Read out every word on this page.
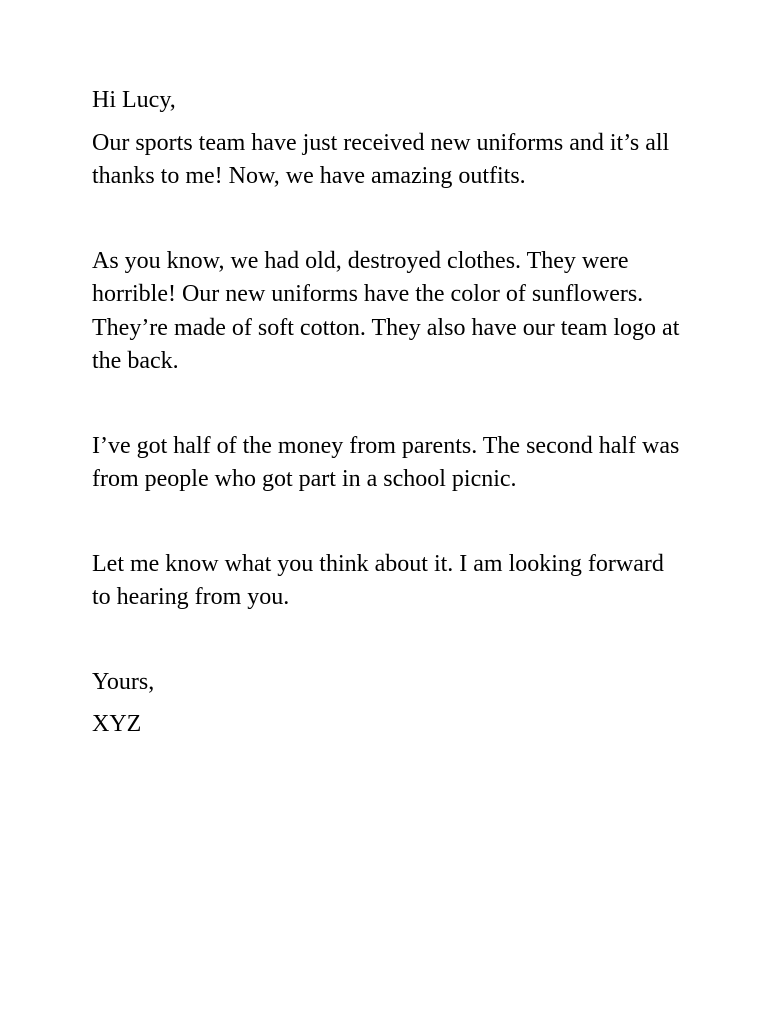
Hi Lucy,

Our sports team have just received new uniforms and it’s all thanks to me! Now, we have amazing outfits.

As you know, we had old, destroyed clothes. They were horrible! Our new uniforms have the color of sunflowers. They’re made of soft cotton. They also have our team logo at the back.

I’ve got half of the money from parents. The second half was from people who got part in a school picnic.

Let me know what you think about it. I am looking forward to hearing from you.

Yours,

XYZ
